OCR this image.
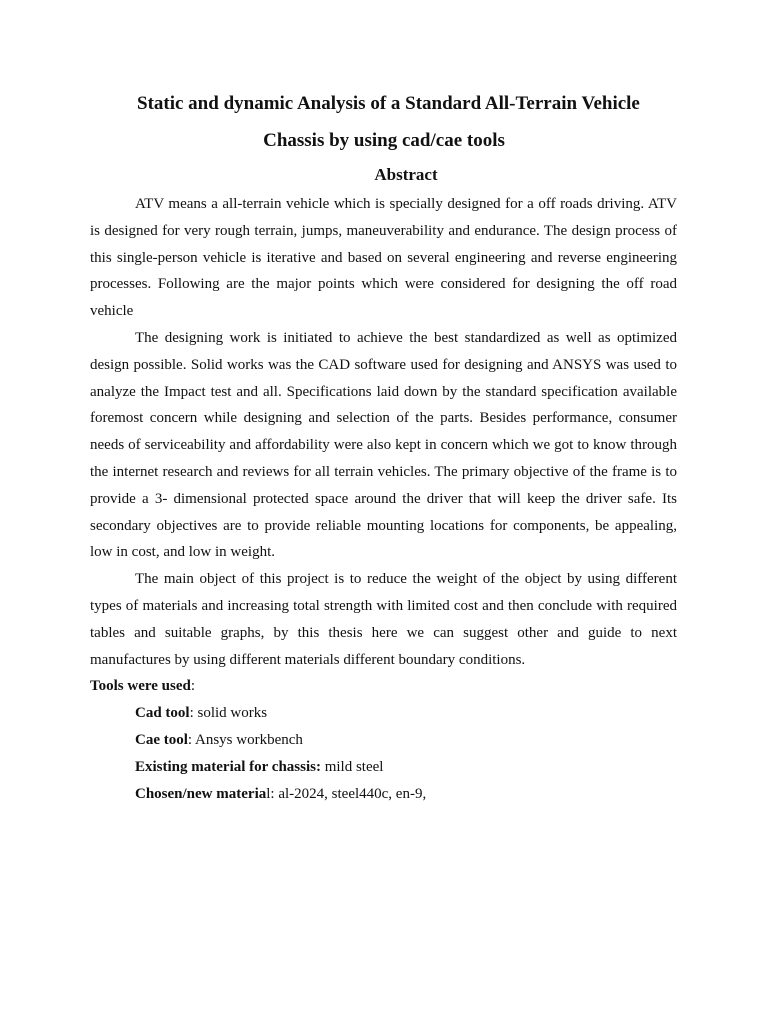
Static and dynamic Analysis of a Standard All-Terrain Vehicle
Chassis by using cad/cae tools
Abstract

ATV means a all-terrain vehicle which is specially designed for a off roads driving. ATV is designed for very rough terrain, jumps, maneuverability and endurance. The design process of this single-person vehicle is iterative and based on several engineering and reverse engineering processes. Following are the major points which were considered for designing the off road vehicle

The designing work is initiated to achieve the best standardized as well as optimized design possible. Solid works was the CAD software used for designing and ANSYS was used to analyze the Impact test and all. Specifications laid down by the standard specification available foremost concern while designing and selection of the parts. Besides performance, consumer needs of serviceability and affordability were also kept in concern which we got to know through the internet research and reviews for all terrain vehicles. The primary objective of the frame is to provide a 3- dimensional protected space around the driver that will keep the driver safe. Its secondary objectives are to provide reliable mounting locations for components, be appealing, low in cost, and low in weight.

The main object of this project is to reduce the weight of the object by using different types of materials and increasing total strength with limited cost and then conclude with required tables and suitable graphs, by this thesis here we can suggest other and guide to next manufactures by using different materials different boundary conditions.

Tools were used:

Cad tool: solid works

Cae tool: Ansys workbench

Existing material for chassis: mild steel

Chosen/new material: al-2024, steel440c, en-9,
